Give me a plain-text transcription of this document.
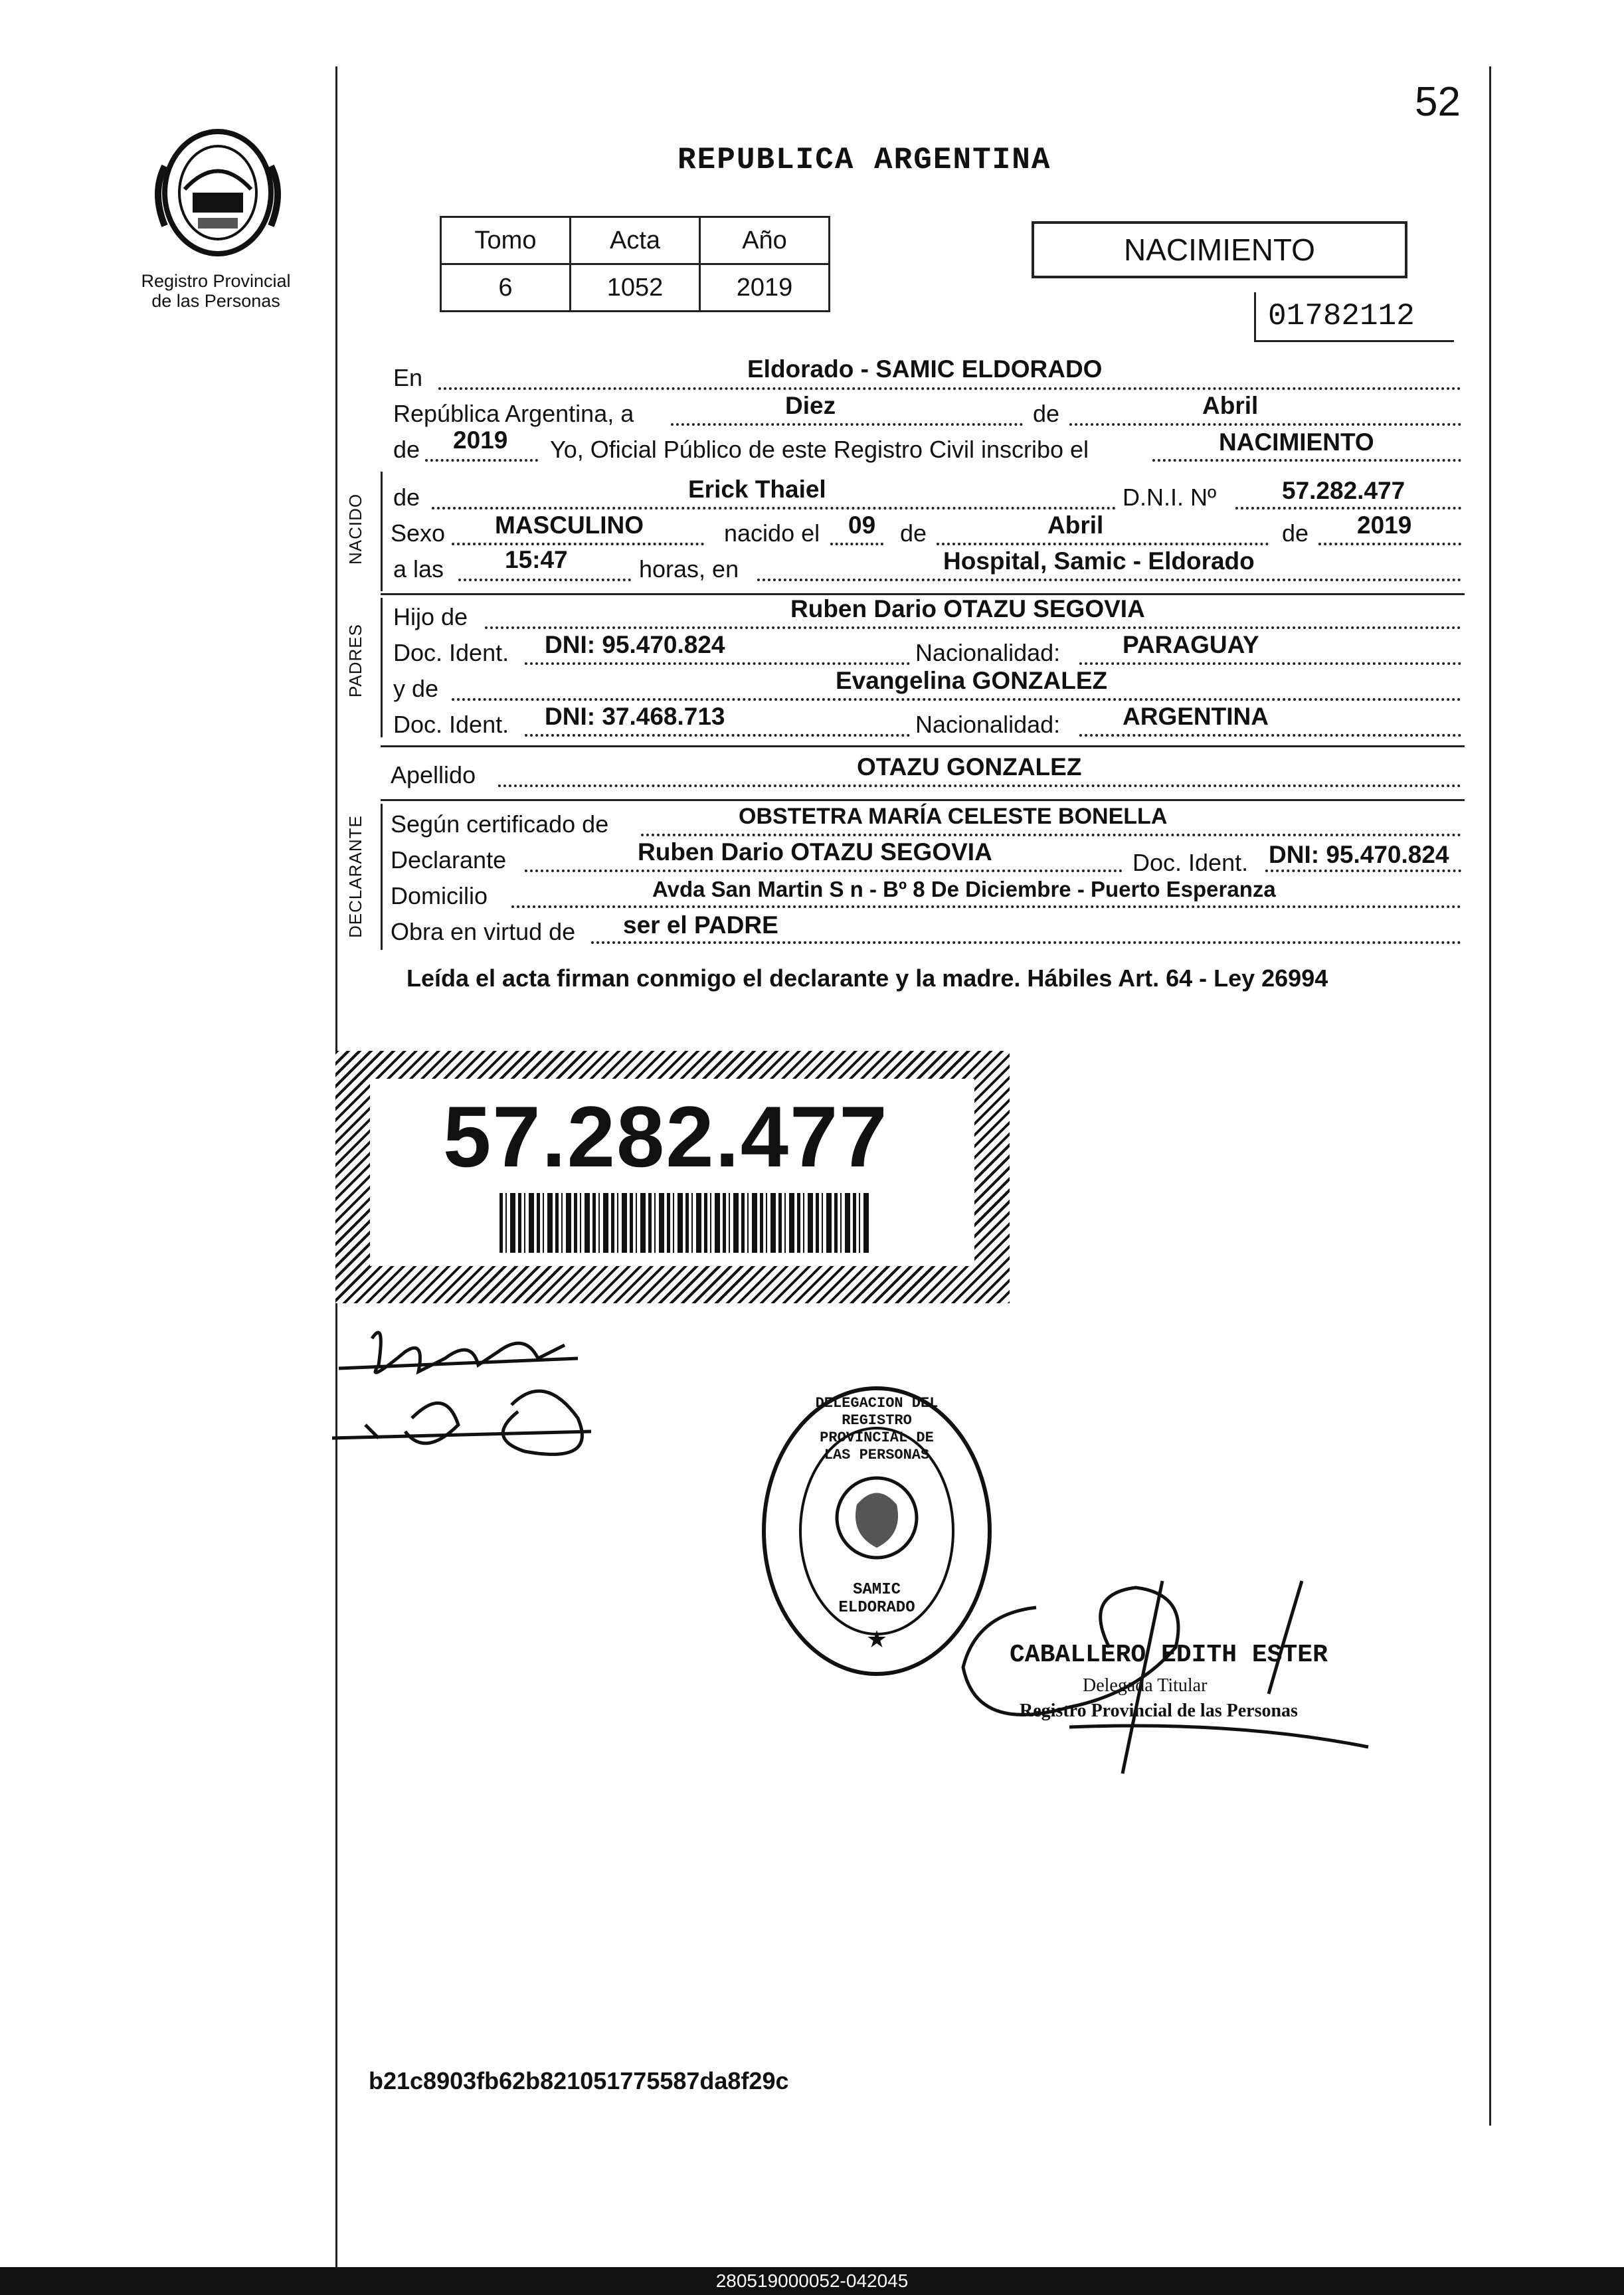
52
Registro Provincial
de las Personas
REPUBLICA ARGENTINA
Tomo	Acta	Año
6	1052	2019
NACIMIENTO
01782112
En	Eldorado - SAMIC ELDORADO
República Argentina, a	Diez	de	Abril
de 2019 Yo, Oficial Público de este Registro Civil inscribo el	NACIMIENTO
NACIDO de	Erick Thaiel	D.N.I. Nº	57.282.477
Sexo MASCULINO	nacido el 09 de	Abril	de 2019
a las 15:47	horas, en	Hospital, Samic - Eldorado
PADRES
Hijo de	Ruben Dario OTAZU SEGOVIA
Doc. Ident. DNI: 95.470.824	Nacionalidad:	PARAGUAY
y de	Evangelina GONZALEZ
Doc. Ident. DNI: 37.468.713	Nacionalidad:	ARGENTINA
Apellido	OTAZU GONZALEZ
DECLARANTE Según certificado de	OBSTETRA MARÍA CELESTE BONELLA
Declarante	Ruben Dario OTAZU SEGOVIA	Doc. Ident. DNI: 95.470.824
Domicilio	Avda San Martin S n - Bº 8 De Diciembre - Puerto Esperanza
Obra en virtud de ser el PADRE
Leída el acta firman conmigo el declarante y la madre. Hábiles Art. 64 - Ley 26994
57.282.477
★
DELEGACION DEL REGISTRO PROVINCIAL DE LAS PERSONAS
SAMIC ELDORADO
CABALLERO EDITH ESTER
Delegada Titular
Registro Provincial de las Personas
b21c8903fb62b821051775587da8f29c
280519000052-042045
